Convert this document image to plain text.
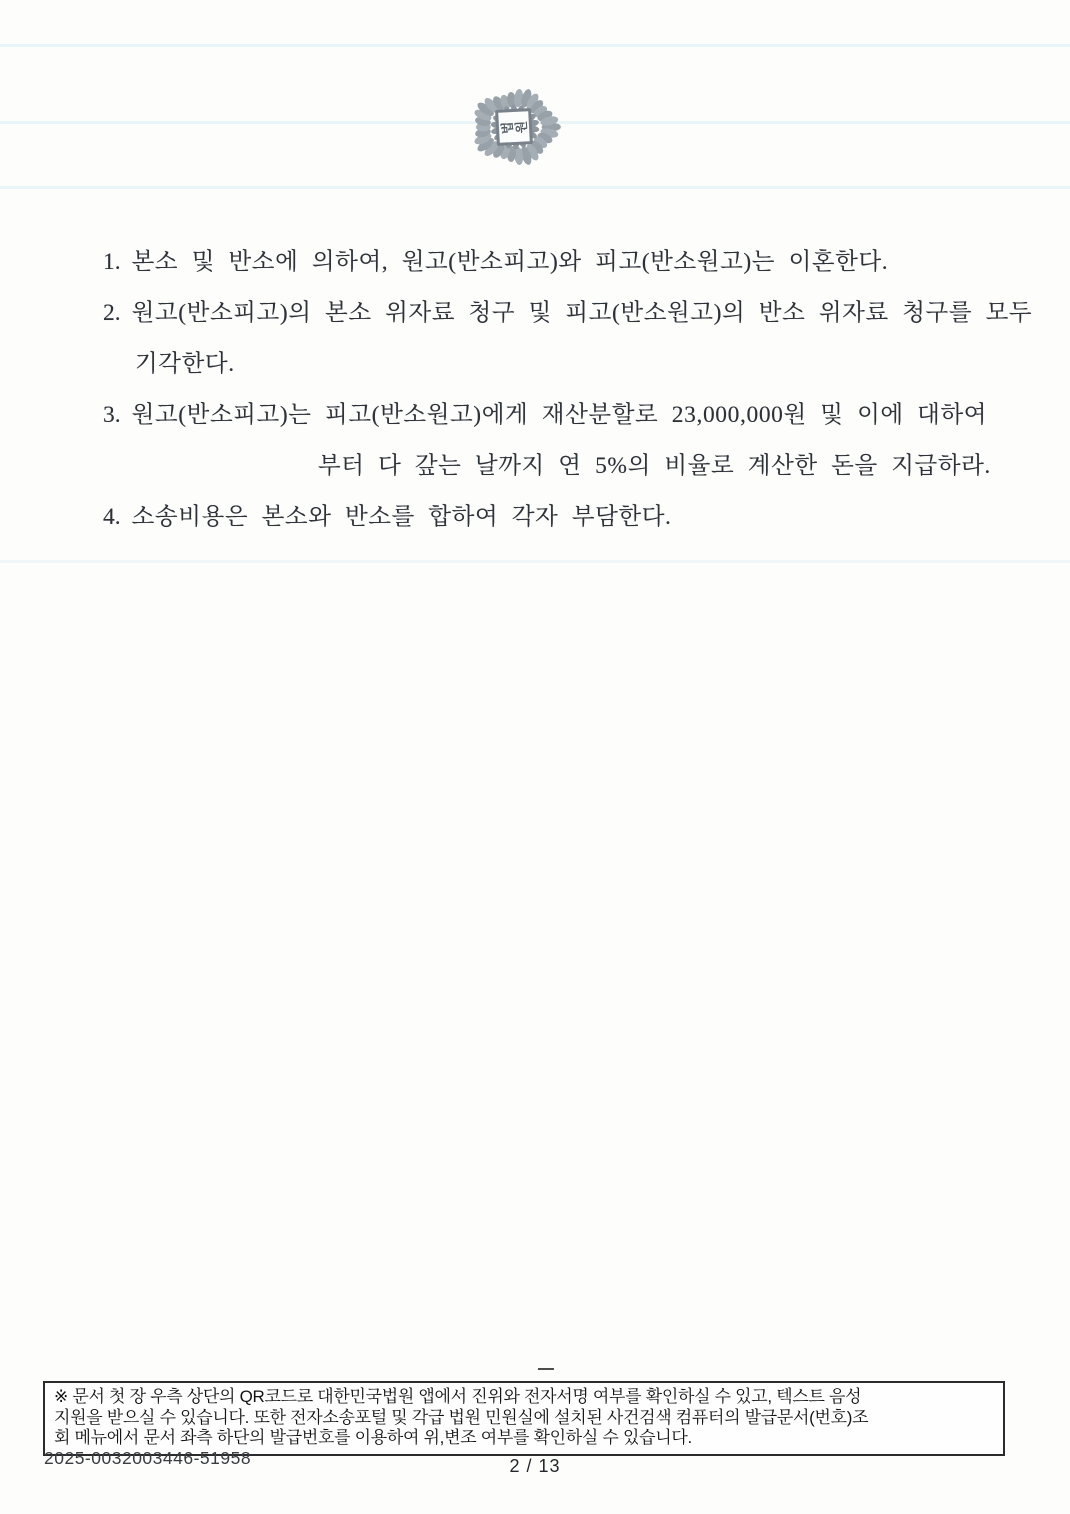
법
원
1. 본소 및 반소에 의하여, 원고(반소피고)와 피고(반소원고)는 이혼한다.
2. 원고(반소피고)의 본소 위자료 청구 및 피고(반소원고)의 반소 위자료 청구를 모두
기각한다.
3. 원고(반소피고)는 피고(반소원고)에게 재산분할로 23,000,000원 및 이에 대하여
부터 다 갚는 날까지 연 5%의 비율로 계산한 돈을 지급하라.
4. 소송비용은 본소와 반소를 합하여 각자 부담한다.
※ 문서 첫 장 우측 상단의 QR코드로 대한민국법원 앱에서 진위와 전자서명 여부를 확인하실 수 있고, 텍스트 음성
지원을 받으실 수 있습니다. 또한 전자소송포털 및 각급 법원 민원실에 설치된 사건검색 컴퓨터의 발급문서(번호)조
회 메뉴에서 문서 좌측 하단의 발급번호를 이용하여 위,변조 여부를 확인하실 수 있습니다.
2025-0032003446-51958	2 / 13
